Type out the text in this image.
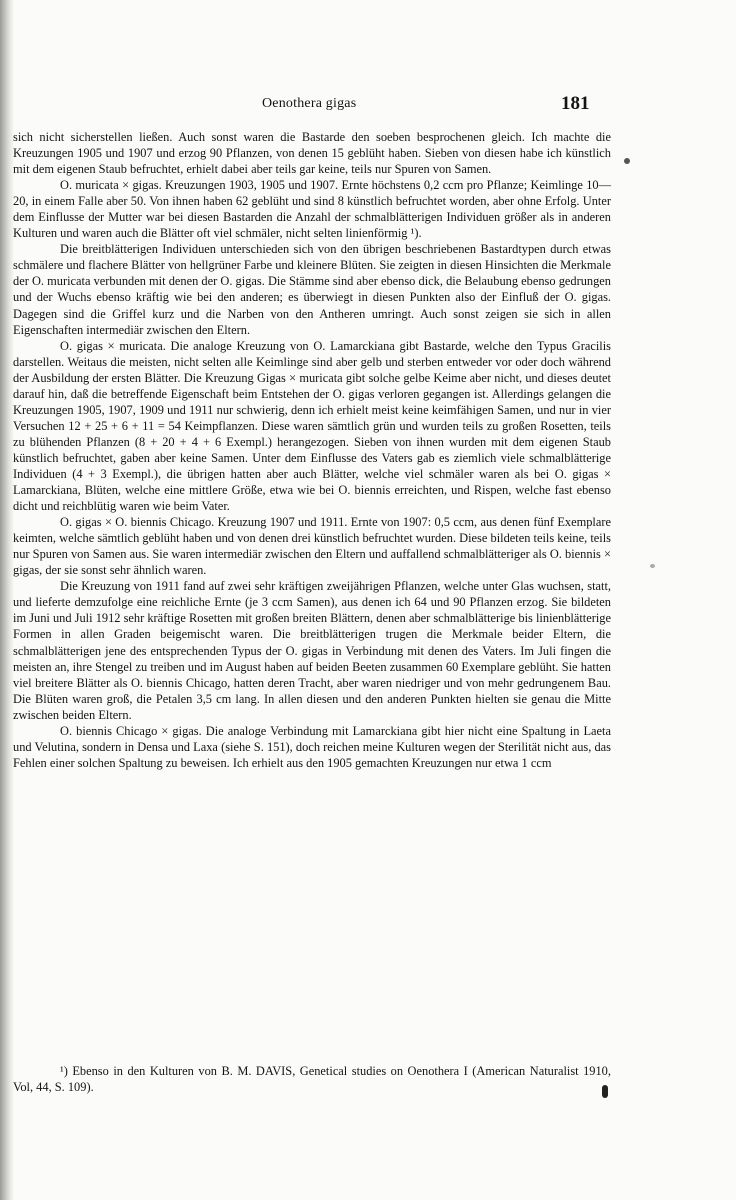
Oenothera gigas	181

sich nicht sicherstellen ließen. Auch sonst waren die Bastarde den soeben besprochenen gleich. Ich machte die Kreuzungen 1905 und 1907 und erzog 90 Pflanzen, von denen 15 geblüht haben. Sieben von diesen habe ich künstlich mit dem eigenen Staub befruchtet, erhielt dabei aber teils gar keine, teils nur Spuren von Samen.

O. muricata × gigas. Kreuzungen 1903, 1905 und 1907. Ernte höchstens 0,2 ccm pro Pflanze; Keimlinge 10—20, in einem Falle aber 50. Von ihnen haben 62 geblüht und sind 8 künstlich befruchtet worden, aber ohne Erfolg. Unter dem Einflusse der Mutter war bei diesen Bastarden die Anzahl der schmalblätterigen Individuen größer als in anderen Kulturen und waren auch die Blätter oft viel schmäler, nicht selten linienförmig ¹).

Die breitblätterigen Individuen unterschieden sich von den übrigen beschriebenen Bastardtypen durch etwas schmälere und flachere Blätter von hellgrüner Farbe und kleinere Blüten. Sie zeigten in diesen Hinsichten die Merkmale der O. muricata verbunden mit denen der O. gigas. Die Stämme sind aber ebenso dick, die Belaubung ebenso gedrungen und der Wuchs ebenso kräftig wie bei den anderen; es überwiegt in diesen Punkten also der Einfluß der O. gigas. Dagegen sind die Griffel kurz und die Narben von den Antheren umringt. Auch sonst zeigen sie sich in allen Eigenschaften intermediär zwischen den Eltern.

O. gigas × muricata. Die analoge Kreuzung von O. Lamarckiana gibt Bastarde, welche den Typus Gracilis darstellen. Weitaus die meisten, nicht selten alle Keimlinge sind aber gelb und sterben entweder vor oder doch während der Ausbildung der ersten Blätter. Die Kreuzung Gigas × muricata gibt solche gelbe Keime aber nicht, und dieses deutet darauf hin, daß die betreffende Eigenschaft beim Entstehen der O. gigas verloren gegangen ist. Allerdings gelangen die Kreuzungen 1905, 1907, 1909 und 1911 nur schwierig, denn ich erhielt meist keine keimfähigen Samen, und nur in vier Versuchen 12 + 25 + 6 + 11 = 54 Keimpflanzen. Diese waren sämtlich grün und wurden teils zu großen Rosetten, teils zu blühenden Pflanzen (8 + 20 + 4 + 6 Exempl.) herangezogen. Sieben von ihnen wurden mit dem eigenen Staub künstlich befruchtet, gaben aber keine Samen. Unter dem Einflusse des Vaters gab es ziemlich viele schmalblätterige Individuen (4 + 3 Exempl.), die übrigen hatten aber auch Blätter, welche viel schmäler waren als bei O. gigas × Lamarckiana, Blüten, welche eine mittlere Größe, etwa wie bei O. biennis erreichten, und Rispen, welche fast ebenso dicht und reichblütig waren wie beim Vater.

O. gigas × O. biennis Chicago. Kreuzung 1907 und 1911. Ernte von 1907: 0,5 ccm, aus denen fünf Exemplare keimten, welche sämtlich geblüht haben und von denen drei künstlich befruchtet wurden. Diese bildeten teils keine, teils nur Spuren von Samen aus. Sie waren intermediär zwischen den Eltern und auffallend schmalblätteriger als O. biennis × gigas, der sie sonst sehr ähnlich waren.

Die Kreuzung von 1911 fand auf zwei sehr kräftigen zweijährigen Pflanzen, welche unter Glas wuchsen, statt, und lieferte demzufolge eine reichliche Ernte (je 3 ccm Samen), aus denen ich 64 und 90 Pflanzen erzog. Sie bildeten im Juni und Juli 1912 sehr kräftige Rosetten mit großen breiten Blättern, denen aber schmalblätterige bis linienblätterige Formen in allen Graden beigemischt waren. Die breitblätterigen trugen die Merkmale beider Eltern, die schmalblätterigen jene des entsprechenden Typus der O. gigas in Verbindung mit denen des Vaters. Im Juli fingen die meisten an, ihre Stengel zu treiben und im August haben auf beiden Beeten zusammen 60 Exemplare geblüht. Sie hatten viel breitere Blätter als O. biennis Chicago, hatten deren Tracht, aber waren niedriger und von mehr gedrungenem Bau. Die Blüten waren groß, die Petalen 3,5 cm lang. In allen diesen und den anderen Punkten hielten sie genau die Mitte zwischen beiden Eltern.

O. biennis Chicago × gigas. Die analoge Verbindung mit Lamarckiana gibt hier nicht eine Spaltung in Laeta und Velutina, sondern in Densa und Laxa (siehe S. 151), doch reichen meine Kulturen wegen der Sterilität nicht aus, das Fehlen einer solchen Spaltung zu beweisen. Ich erhielt aus den 1905 gemachten Kreuzungen nur etwa 1 ccm

¹) Ebenso in den Kulturen von B. M. DAVIS, Genetical studies on Oenothera I (American Naturalist 1910, Vol, 44, S. 109).
